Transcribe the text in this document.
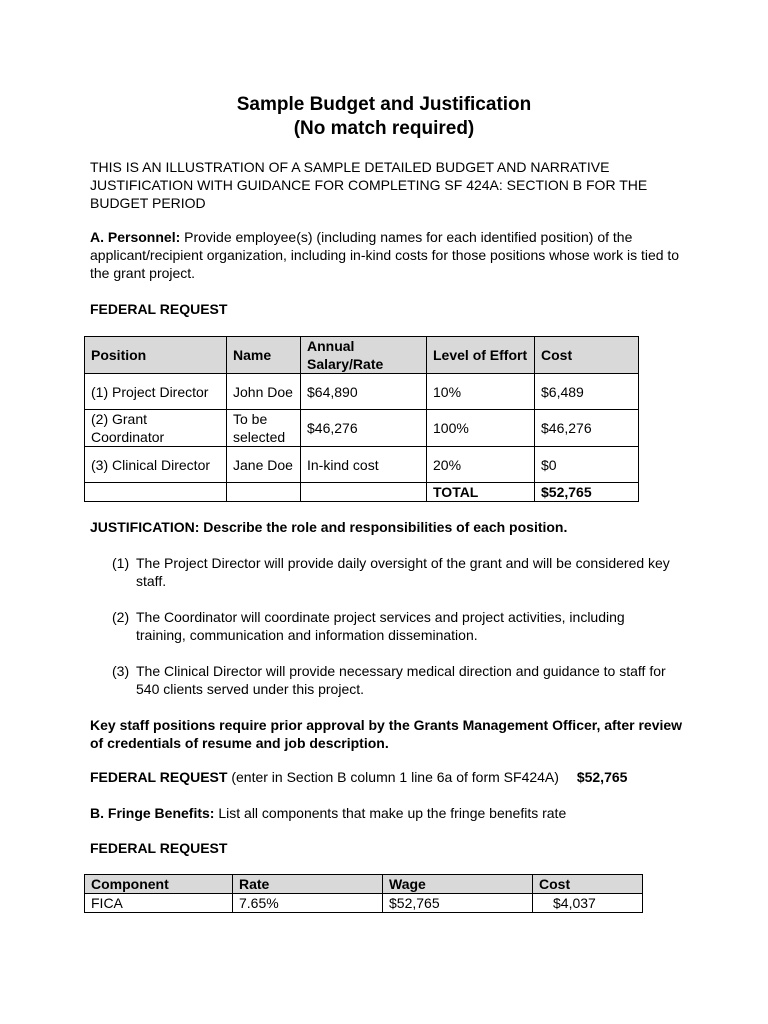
Sample Budget and Justification
(No match required)
THIS IS AN ILLUSTRATION OF A SAMPLE DETAILED BUDGET AND NARRATIVE JUSTIFICATION WITH GUIDANCE FOR COMPLETING SF 424A: SECTION B FOR THE BUDGET PERIOD
A. Personnel: Provide employee(s) (including names for each identified position) of the applicant/recipient organization, including in-kind costs for those positions whose work is tied to the grant project.
FEDERAL REQUEST
Position	Name	Annual Salary/Rate	Level of Effort	Cost
(1) Project Director	John Doe	$64,890	10%	$6,489
(2) Grant Coordinator	To be selected	$46,276	100%	$46,276
(3) Clinical Director	Jane Doe	In-kind cost	20%	$0
			TOTAL	$52,765
JUSTIFICATION: Describe the role and responsibilities of each position.
(1) The Project Director will provide daily oversight of the grant and will be considered key staff.
(2) The Coordinator will coordinate project services and project activities, including training, communication and information dissemination.
(3) The Clinical Director will provide necessary medical direction and guidance to staff for 540 clients served under this project.
Key staff positions require prior approval by the Grants Management Officer, after review of credentials of resume and job description.
FEDERAL REQUEST (enter in Section B column 1 line 6a of form SF424A) $52,765
B. Fringe Benefits: List all components that make up the fringe benefits rate
FEDERAL REQUEST
Component	Rate	Wage	Cost
FICA	7.65%	$52,765	$4,037
